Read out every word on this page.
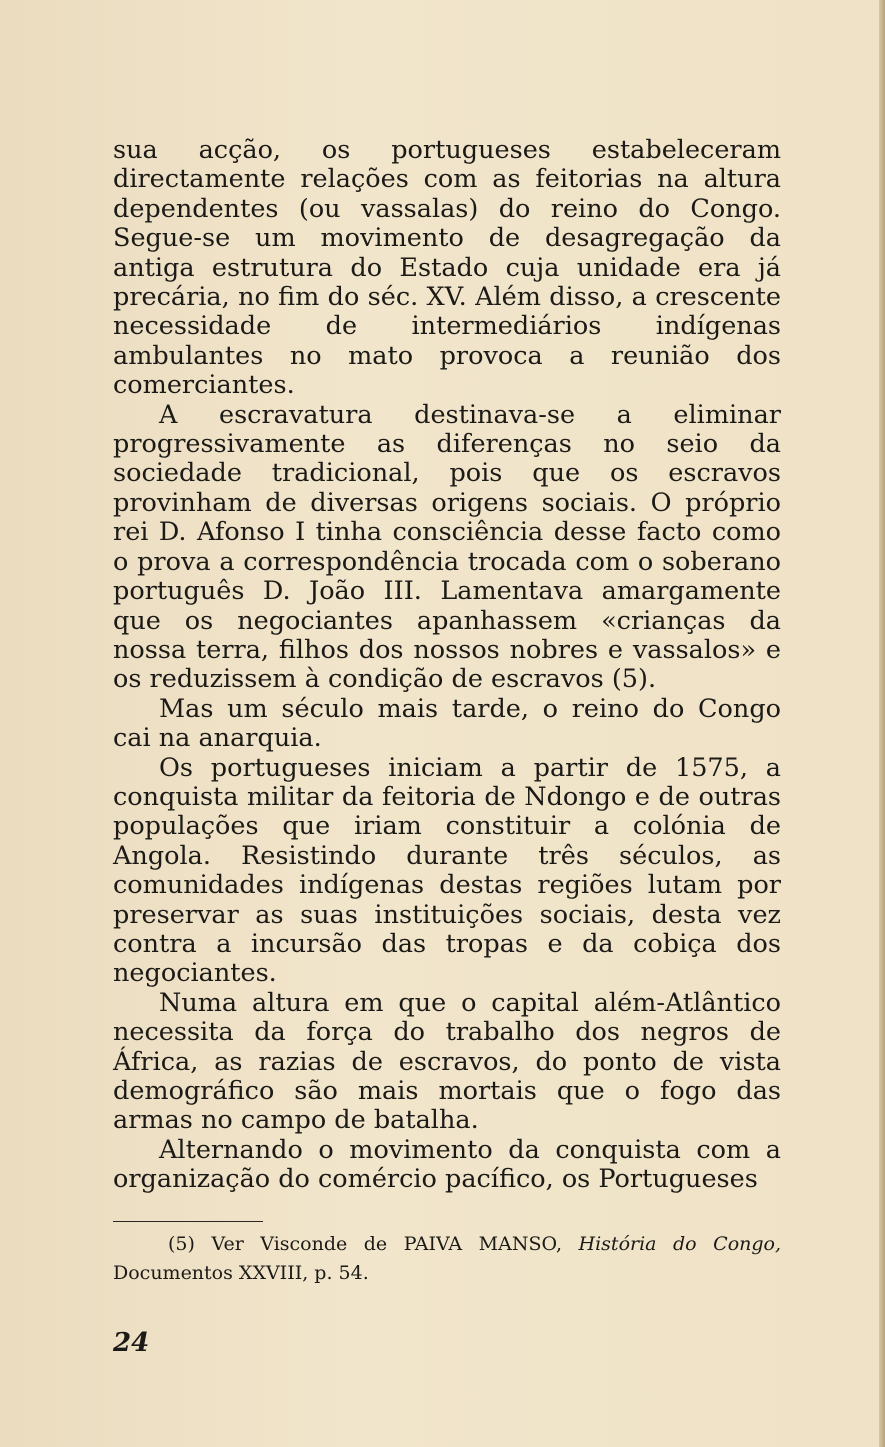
sua acção, os portugueses estabeleceram directamente relações com as feitorias na altura dependentes (ou vassalas) do reino do Congo. Segue-se um movimento de desagregação da antiga estrutura do Estado cuja unidade era já precária, no fim do séc. XV. Além disso, a crescente necessidade de intermediários indígenas ambulantes no mato provoca a reunião dos comerciantes.

A escravatura destinava-se a eliminar progressivamente as diferenças no seio da sociedade tradicional, pois que os escravos provinham de diversas origens sociais. O próprio rei D. Afonso I tinha consciência desse facto como o prova a correspondência trocada com o soberano português D. João III. Lamentava amargamente que os negociantes apanhassem «crianças da nossa terra, filhos dos nossos nobres e vassalos» e os reduzissem à condição de escravos (5).

Mas um século mais tarde, o reino do Congo cai na anarquia.

Os portugueses iniciam a partir de 1575, a conquista militar da feitoria de Ndongo e de outras populações que iriam constituir a colónia de Angola. Resistindo durante três séculos, as comunidades indígenas destas regiões lutam por preservar as suas instituições sociais, desta vez contra a incursão das tropas e da cobiça dos negociantes.

Numa altura em que o capital além-Atlântico necessita da força do trabalho dos negros de África, as razias de escravos, do ponto de vista demográfico são mais mortais que o fogo das armas no campo de batalha.

Alternando o movimento da conquista com a organização do comércio pacífico, os Portugueses

(5) Ver Visconde de PAIVA MANSO, História do Congo, Documentos XXVIII, p. 54.
24
